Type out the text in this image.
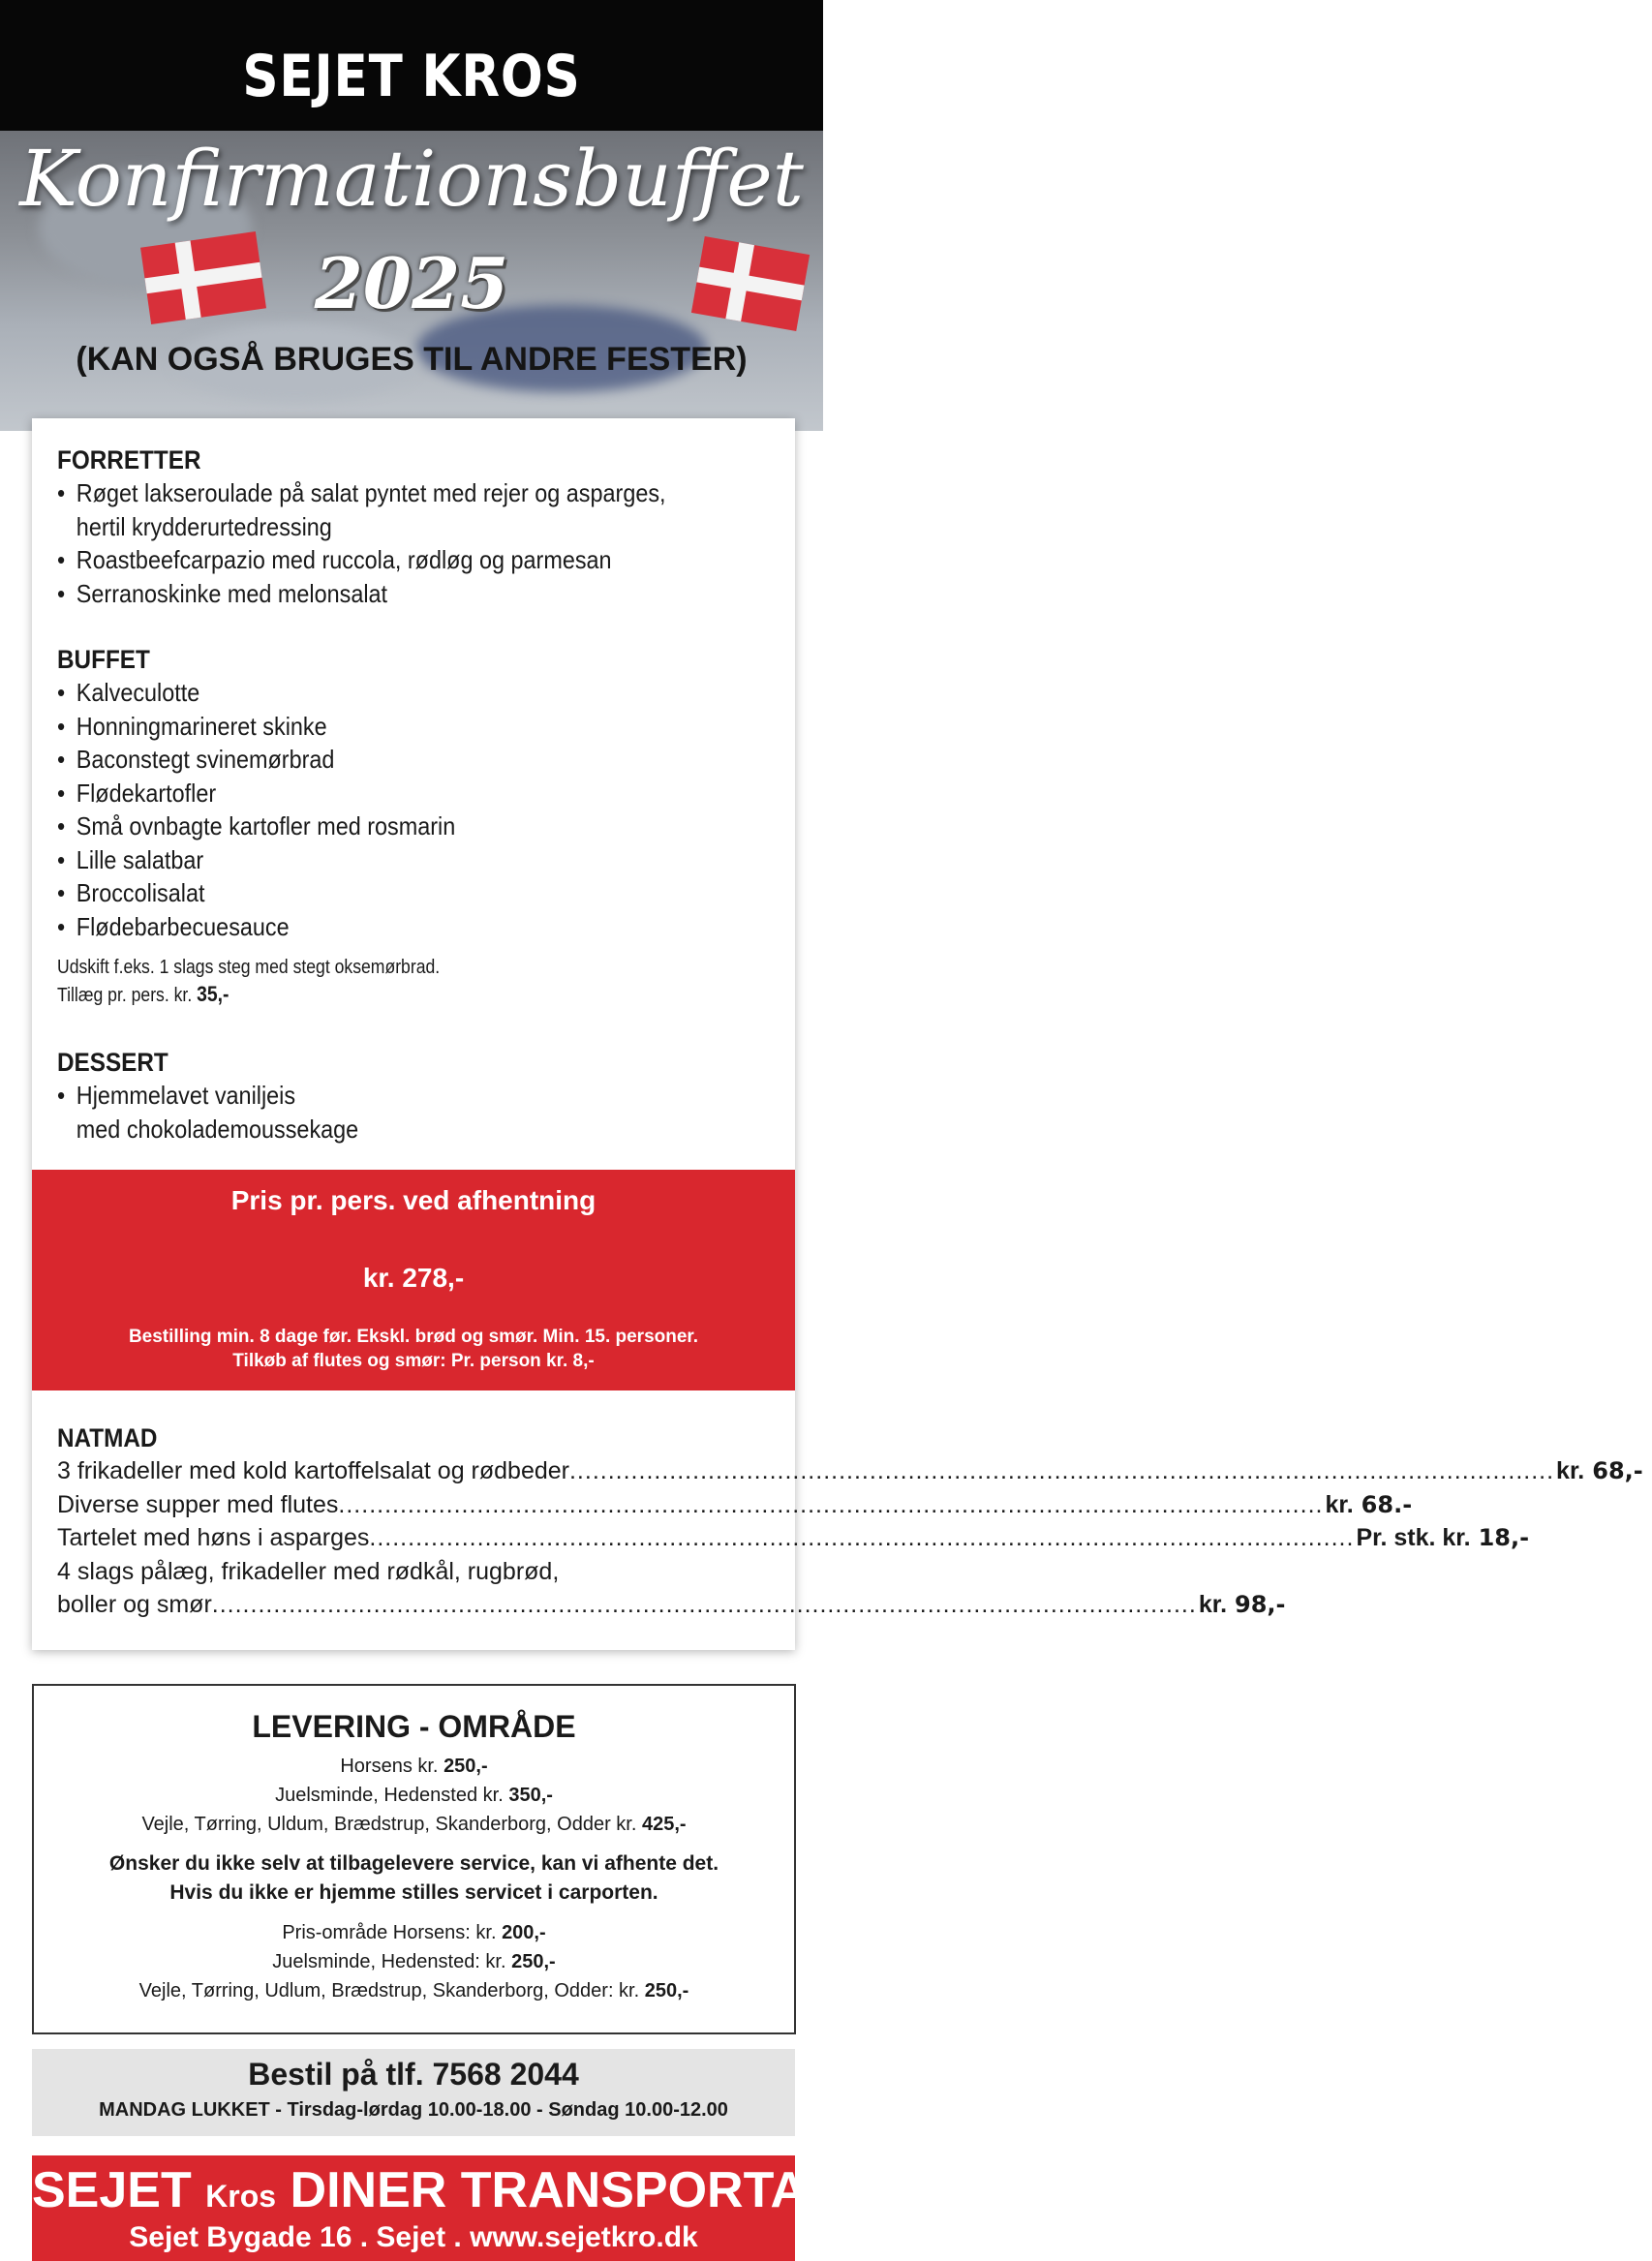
SEJET KROS
Konfirmationsbuffet
2025
(KAN OGSÅ BRUGES TIL ANDRE FESTER)
FORRETTER
• Røget lakseroulade på salat pyntet med rejer og asparges,
hertil krydderurtedressing
• Roastbeefcarpazio med ruccola, rødløg og parmesan
• Serranoskinke med melonsalat
BUFFET
• Kalveculotte
• Honningmarineret skinke
• Baconstegt svinemørbrad
• Flødekartofler
• Små ovnbagte kartofler med rosmarin
• Lille salatbar
• Broccolisalat
• Flødebarbecuesauce
Udskift f.eks. 1 slags steg med stegt oksemørbrad.
Tillæg pr. pers. kr. 35,-
DESSERT
• Hjemmelavet vaniljeis
med chokolademoussekage
Pris pr. pers. ved afhentning
kr. 278,-
Bestilling min. 8 dage før. Ekskl. brød og smør. Min. 15. personer.
Tilkøb af flutes og smør: Pr. person kr. 8,-
NATMAD
3 frikadeller med kold kartoffelsalat og rødbeder ................................................................................................................................ kr. 68,-
Diverse supper med flutes ................................................................................................................................ kr. 68.-
Tartelet med høns i asparges ................................................................................................................................ Pr. stk. kr. 18,-
4 slags pålæg, frikadeller med rødkål, rugbrød,
boller og smør ................................................................................................................................ kr. 98,-
LEVERING - OMRÅDE
Horsens kr. 250,-
Juelsminde, Hedensted kr. 350,-
Vejle, Tørring, Uldum, Brædstrup, Skanderborg, Odder kr. 425,-
Ønsker du ikke selv at tilbagelevere service, kan vi afhente det.
Hvis du ikke er hjemme stilles servicet i carporten.
Pris-område Horsens: kr. 200,-
Juelsminde, Hedensted: kr. 250,-
Vejle, Tørring, Udlum, Brædstrup, Skanderborg, Odder: kr. 250,-
Bestil på tlf. 7568 2044
MANDAG LUKKET - Tirsdag-lørdag 10.00-18.00 - Søndag 10.00-12.00
SEJET Kros DINER TRANSPORTABLE
Sejet Bygade 16 . Sejet . www.sejetkro.dk
